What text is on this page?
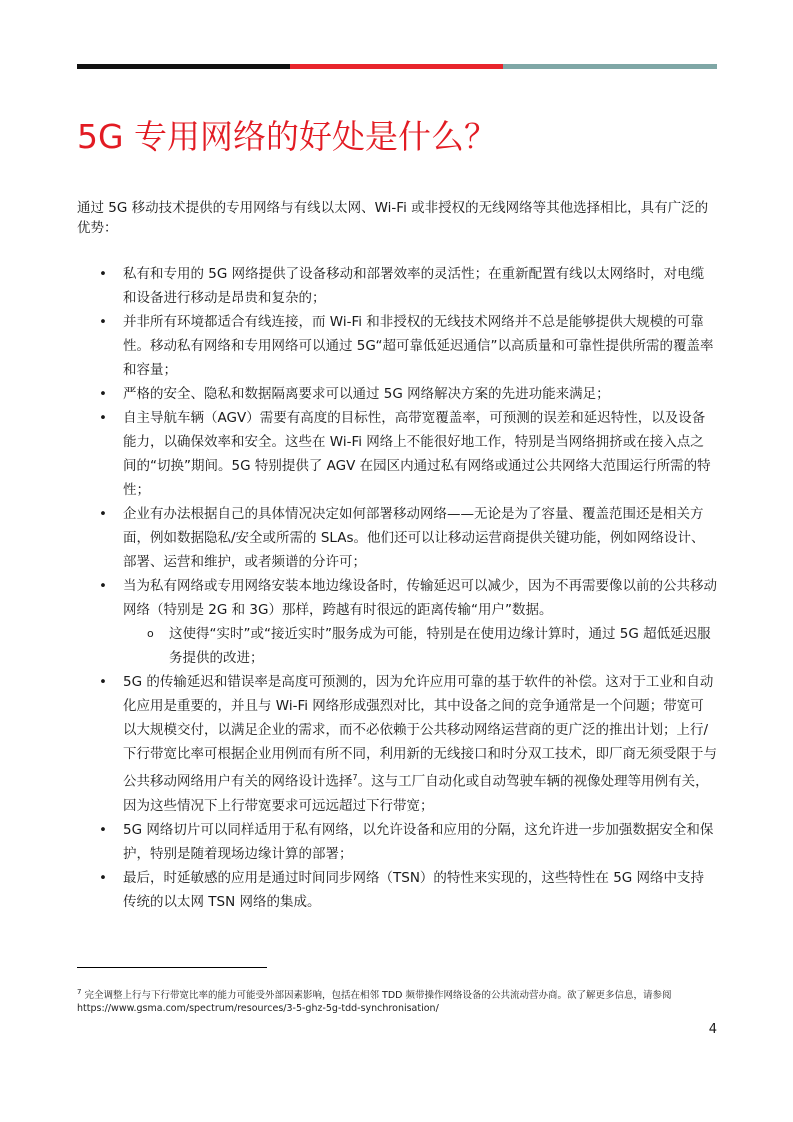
5G 专用网络的好处是什么？

通过 5G 移动技术提供的专用网络与有线以太网、Wi-Fi 或非授权的无线网络等其他选择相比，具有广泛的优势：

• 私有和专用的 5G 网络提供了设备移动和部署效率的灵活性；在重新配置有线以太网络时，对电缆和设备进行移动是昂贵和复杂的；
• 并非所有环境都适合有线连接，而 Wi-Fi 和非授权的无线技术网络并不总是能够提供大规模的可靠性。移动私有网络和专用网络可以通过 5G“超可靠低延迟通信”以高质量和可靠性提供所需的覆盖率和容量；
• 严格的安全、隐私和数据隔离要求可以通过 5G 网络解决方案的先进功能来满足；
• 自主导航车辆（AGV）需要有高度的目标性，高带宽覆盖率，可预测的误差和延迟特性，以及设备能力，以确保效率和安全。这些在 Wi-Fi 网络上不能很好地工作，特别是当网络拥挤或在接入点之间的“切换”期间。5G 特别提供了 AGV 在园区内通过私有网络或通过公共网络大范围运行所需的特性；
• 企业有办法根据自己的具体情况决定如何部署移动网络——无论是为了容量、覆盖范围还是相关方面，例如数据隐私/安全或所需的 SLAs。他们还可以让移动运营商提供关键功能，例如网络设计、部署、运营和维护，或者频谱的分许可；
• 当为私有网络或专用网络安装本地边缘设备时，传输延迟可以减少，因为不再需要像以前的公共移动网络（特别是 2G 和 3G）那样，跨越有时很远的距离传输“用户”数据。
o 这使得“实时”或“接近实时”服务成为可能，特别是在使用边缘计算时，通过 5G 超低延迟服务提供的改进；
• 5G 的传输延迟和错误率是高度可预测的，因为允许应用可靠的基于软件的补偿。这对于工业和自动化应用是重要的，并且与 Wi-Fi 网络形成强烈对比，其中设备之间的竞争通常是一个问题；带宽可以大规模交付，以满足企业的需求，而不必依赖于公共移动网络运营商的更广泛的推出计划；上行/下行带宽比率可根据企业用例而有所不同，利用新的无线接口和时分双工技术，即厂商无须受限于与公共移动网络用户有关的网络设计选择$^7$。这与工厂自动化或自动驾驶车辆的视像处理等用例有关，因为这些情况下上行带宽要求可远远超过下行带宽；
• 5G 网络切片可以同样适用于私有网络，以允许设备和应用的分隔，这允许进一步加强数据安全和保护，特别是随着现场边缘计算的部署；
• 最后，时延敏感的应用是通过时间同步网络（TSN）的特性来实现的，这些特性在 5G 网络中支持传统的以太网 TSN 网络的集成。

$^7$ 完全调整上行与下行带宽比率的能力可能受外部因素影响，包括在相邻 TDD 频带操作网络设备的公共流动营办商。欲了解更多信息，请参阅 https://www.gsma.com/spectrum/resources/3-5-ghz-5g-tdd-synchronisation/

4
